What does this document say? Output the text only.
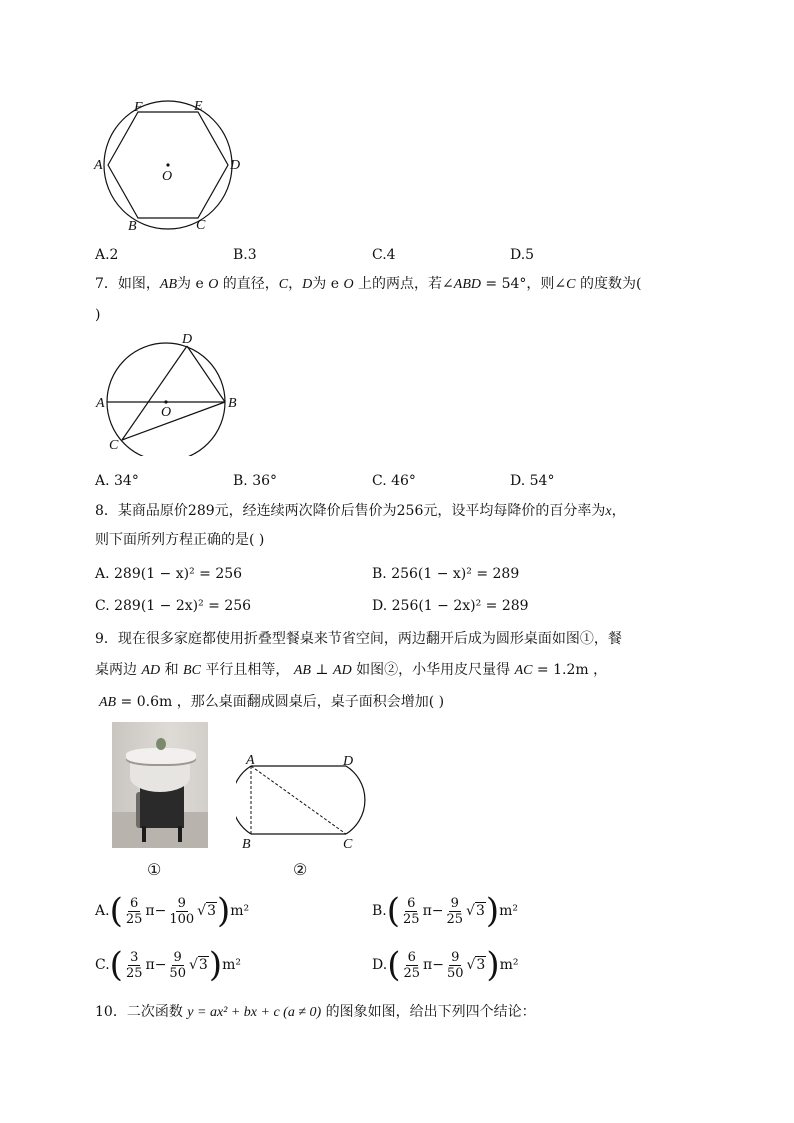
F	E
A	D
O
B	C
A.2	B.3	C.4	D.5
7．如图，AB为 e O 的直径，C，D为 e O 上的两点，若∠ABD = 54°，则∠C 的度数为(
)
D
A	B
O
C
A. 34°	B. 36°	C. 46°	D. 54°
8．某商品原价289元，经连续两次降价后售价为256元，设平均每降价的百分率为x，
则下面所列方程正确的是( )
A. 289(1 − x)² = 256	B. 256(1 − x)² = 289
C. 289(1 − 2x)² = 256	D. 256(1 − 2x)² = 289
9．现在很多家庭都使用折叠型餐桌来节省空间，两边翻开后成为圆形桌面如图①，餐
桌两边 AD 和 BC 平行且相等， AB ⊥ AD 如图②，小华用皮尺量得 AC = 1.2m ，
AB = 0.6m ，那么桌面翻成圆桌后，桌子面积会增加( )
A	D
B	C
①	②
A. ( $\frac{6}{25}$ $\pi - \frac{9}{100} √3$ ) m²	B. ( $\frac{6}{25}$ $\pi - \frac{9}{25} √3$ ) m²
C. ( $\frac{3}{25}$ $\pi - \frac{9}{50} √3$ ) m²	D. ( $\frac{6}{25}$ $\pi - \frac{9}{50} √3$ ) m²
10．二次函数 y = ax² + bx + c (a ≠ 0) 的图象如图，给出下列四个结论：
